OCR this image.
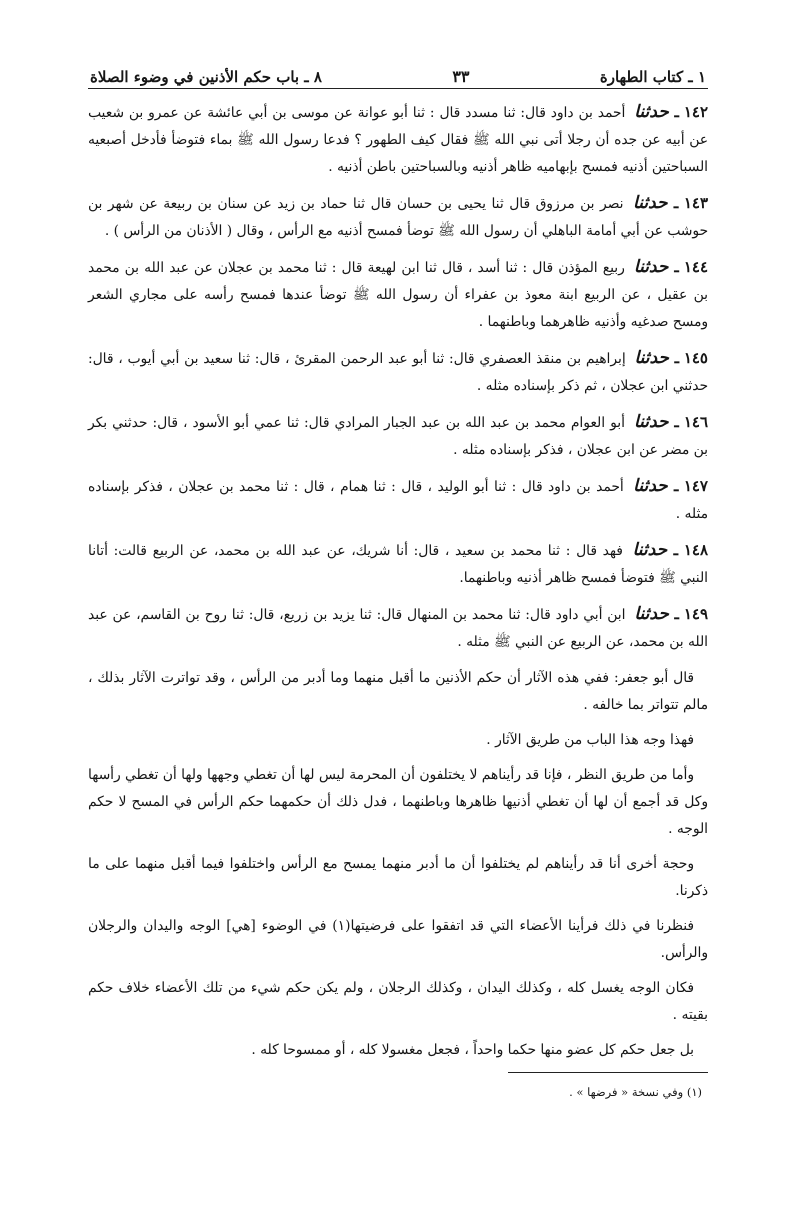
١ ـ كتاب الطهارة
٣٣
٨ ـ باب حكم الأذنين في وضوء الصلاة

١٤٢ ـ حدثنا أحمد بن داود قال: ثنا مسدد قال : ثنا أبو عوانة عن موسى بن أبي عائشة عن عمرو بن شعيب عن أبيه عن جده أن رجلا أتى نبي الله ﷺ فقال كيف الطهور ؟ فدعا رسول الله ﷺ بماء فتوضأ فأدخل أصبعيه السباحتين أذنيه فمسح بإبهاميه ظاهر أذنيه وبالسباحتين باطن أذنيه .

١٤٣ ـ حدثنا نصر بن مرزوق قال ثنا يحيى بن حسان قال ثنا حماد بن زيد عن سنان بن ربيعة عن شهر بن حوشب عن أبي أمامة الباهلي أن رسول الله ﷺ توضأ فمسح أذنيه مع الرأس ، وقال ( الأذنان من الرأس ) .

١٤٤ ـ حدثنا ربيع المؤذن قال : ثنا أسد ، قال ثنا ابن لهيعة قال : ثنا محمد بن عجلان عن عبد الله بن محمد بن عقيل ، عن الربيع ابنة معوذ بن عفراء أن رسول الله ﷺ توضأ عندها فمسح رأسه على مجاري الشعر ومسح صدغيه وأذنيه ظاهرهما وباطنهما .

١٤٥ ـ حدثنا إبراهيم بن منقذ العصفري قال: ثنا أبو عبد الرحمن المقرئ ، قال: ثنا سعيد بن أبي أيوب ، قال: حدثني ابن عجلان ، ثم ذكر بإسناده مثله .

١٤٦ ـ حدثنا أبو العوام محمد بن عبد الله بن عبد الجبار المرادي قال: ثنا عمي أبو الأسود ، قال: حدثني بكر بن مضر عن ابن عجلان ، فذكر بإسناده مثله .

١٤٧ ـ حدثنا أحمد بن داود قال : ثنا أبو الوليد ، قال : ثنا همام ، قال : ثنا محمد بن عجلان ، فذكر بإسناده مثله .

١٤٨ ـ حدثنا فهد قال : ثنا محمد بن سعيد ، قال: أنا شريك، عن عبد الله بن محمد، عن الربيع قالت: أتانا النبي ﷺ فتوضأ فمسح ظاهر أذنيه وباطنهما.

١٤٩ ـ حدثنا ابن أبي داود قال: ثنا محمد بن المنهال قال: ثنا يزيد بن زريع، قال: ثنا روح بن القاسم، عن عبد الله بن محمد، عن الربيع عن النبي ﷺ مثله .

قال أبو جعفر: ففي هذه الآثار أن حكم الأذنين ما أقبل منهما وما أدبر من الرأس ، وقد تواترت الآثار بذلك ، مالم تتواتر بما خالفه .

فهذا وجه هذا الباب من طريق الآثار .

وأما من طريق النظر ، فإنا قد رأيناهم لا يختلفون أن المحرمة ليس لها أن تغطي وجهها ولها أن تغطي رأسها وكل قد أجمع أن لها أن تغطي أذنيها ظاهرها وباطنهما ، فدل ذلك أن حكمهما حكم الرأس في المسح لا حكم الوجه .

وحجة أخرى أنا قد رأيناهم لم يختلفوا أن ما أدبر منهما يمسح مع الرأس واختلفوا فيما أقبل منهما على ما ذكرنا.

فنظرنا في ذلك فرأينا الأعضاء التي قد اتفقوا على فرضيتها(١) في الوضوء [هي] الوجه واليدان والرجلان والرأس.

فكان الوجه يغسل كله ، وكذلك اليدان ، وكذلك الرجلان ، ولم يكن حكم شيء من تلك الأعضاء خلاف حكم بقيته .

بل جعل حكم كل عضو منها حكما واحداً ، فجعل مغسولا كله ، أو ممسوحا كله .

(١) وفي نسخة « فرضها » .
